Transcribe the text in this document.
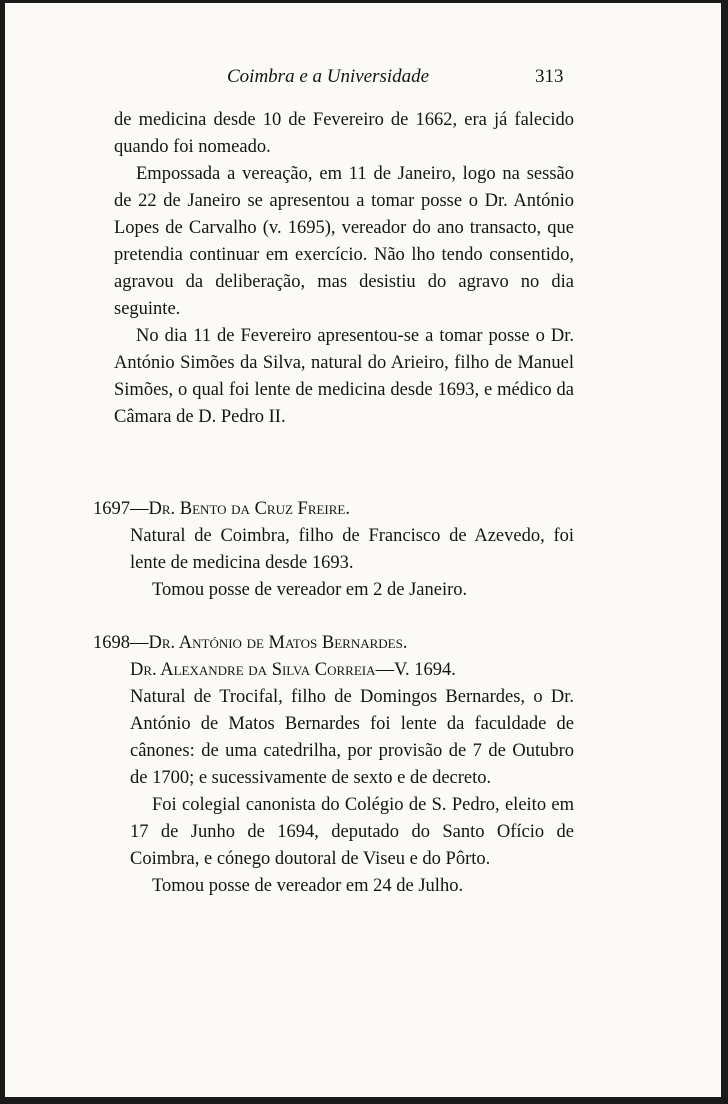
Coimbra e a Universidade	313

de medicina desde 10 de Fevereiro de 1662, era já falecido quando foi nomeado.

Empossada a vereação, em 11 de Janeiro, logo na sessão de 22 de Janeiro se apresentou a tomar posse o Dr. António Lopes de Carvalho (v. 1695), vereador do ano transacto, que pretendia continuar em exercício. Não lho tendo consentido, agravou da deliberação, mas desistiu do agravo no dia seguinte.

No dia 11 de Fevereiro apresentou-se a tomar posse o Dr. António Simões da Silva, natural do Arieiro, filho de Manuel Simões, o qual foi lente de medicina desde 1693, e médico da Câmara de D. Pedro II.

1697—Dr. Bento da Cruz Freire.

Natural de Coimbra, filho de Francisco de Azevedo, foi lente de medicina desde 1693.

Tomou posse de vereador em 2 de Janeiro.

1698—Dr. António de Matos Bernardes.

Dr. Alexandre da Silva Correia—V. 1694.

Natural de Trocifal, filho de Domingos Bernardes, o Dr. António de Matos Bernardes foi lente da faculdade de cânones: de uma catedrilha, por provisão de 7 de Outubro de 1700; e sucessivamente de sexto e de decreto.

Foi colegial canonista do Colégio de S. Pedro, eleito em 17 de Junho de 1694, deputado do Santo Ofício de Coimbra, e cónego doutoral de Viseu e do Pôrto.

Tomou posse de vereador em 24 de Julho.
